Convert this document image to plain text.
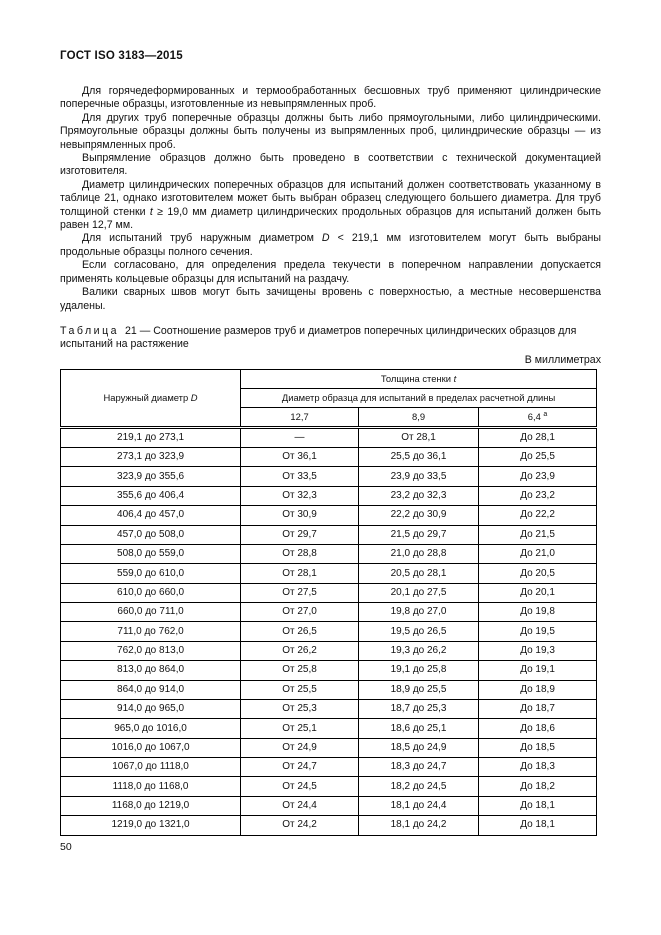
ГОСТ ISO 3183—2015

Для горячедеформированных и термообработанных бесшовных труб применяют цилиндрические поперечные образцы, изготовленные из невыпрямленных проб.

Для других труб поперечные образцы должны быть либо прямоугольными, либо цилиндрическими. Прямоугольные образцы должны быть получены из выпрямленных проб, цилиндрические образцы — из невыпрямленных проб.

Выпрямление образцов должно быть проведено в соответствии с технической документацией изготовителя.

Диаметр цилиндрических поперечных образцов для испытаний должен соответствовать указанному в таблице 21, однако изготовителем может быть выбран образец следующего большего диаметра. Для труб толщиной стенки t ≥ 19,0 мм диаметр цилиндрических продольных образцов для испытаний должен быть равен 12,7 мм.

Для испытаний труб наружным диаметром D < 219,1 мм изготовителем могут быть выбраны продольные образцы полного сечения.

Если согласовано, для определения предела текучести в поперечном направлении допускается применять кольцевые образцы для испытаний на раздачу.

Валики сварных швов могут быть зачищены вровень с поверхностью, а местные несовершенства удалены.

Таблица 21 — Соотношение размеров труб и диаметров поперечных цилиндрических образцов для испытаний на растяжение

В миллиметрах
Наружный диаметр D	Толщина стенки t		
	Диаметр образца для испытаний в пределах расчетной длины		
	12,7	8,9	6,4 $^a$
219,1 до 273,1	—	От 28,1	До 28,1
273,1 до 323,9	От 36,1	25,5 до 36,1	До 25,5
323,9 до 355,6	От 33,5	23,9 до 33,5	До 23,9
355,6 до 406,4	От 32,3	23,2 до 32,3	До 23,2
406,4 до 457,0	От 30,9	22,2 до 30,9	До 22,2
457,0 до 508,0	От 29,7	21,5 до 29,7	До 21,5
508,0 до 559,0	От 28,8	21,0 до 28,8	До 21,0
559,0 до 610,0	От 28,1	20,5 до 28,1	До 20,5
610,0 до 660,0	От 27,5	20,1 до 27,5	До 20,1
660,0 до 711,0	От 27,0	19,8 до 27,0	До 19,8
711,0 до 762,0	От 26,5	19,5 до 26,5	До 19,5
762,0 до 813,0	От 26,2	19,3 до 26,2	До 19,3
813,0 до 864,0	От 25,8	19,1 до 25,8	До 19,1
864,0 до 914,0	От 25,5	18,9 до 25,5	До 18,9
914,0 до 965,0	От 25,3	18,7 до 25,3	До 18,7
965,0 до 1016,0	От 25,1	18,6 до 25,1	До 18,6
1016,0 до 1067,0	От 24,9	18,5 до 24,9	До 18,5
1067,0 до 1118,0	От 24,7	18,3 до 24,7	До 18,3
1118,0 до 1168,0	От 24,5	18,2 до 24,5	До 18,2
1168,0 до 1219,0	От 24,4	18,1 до 24,4	До 18,1
1219,0 до 1321,0	От 24,2	18,1 до 24,2	До 18,1
50
